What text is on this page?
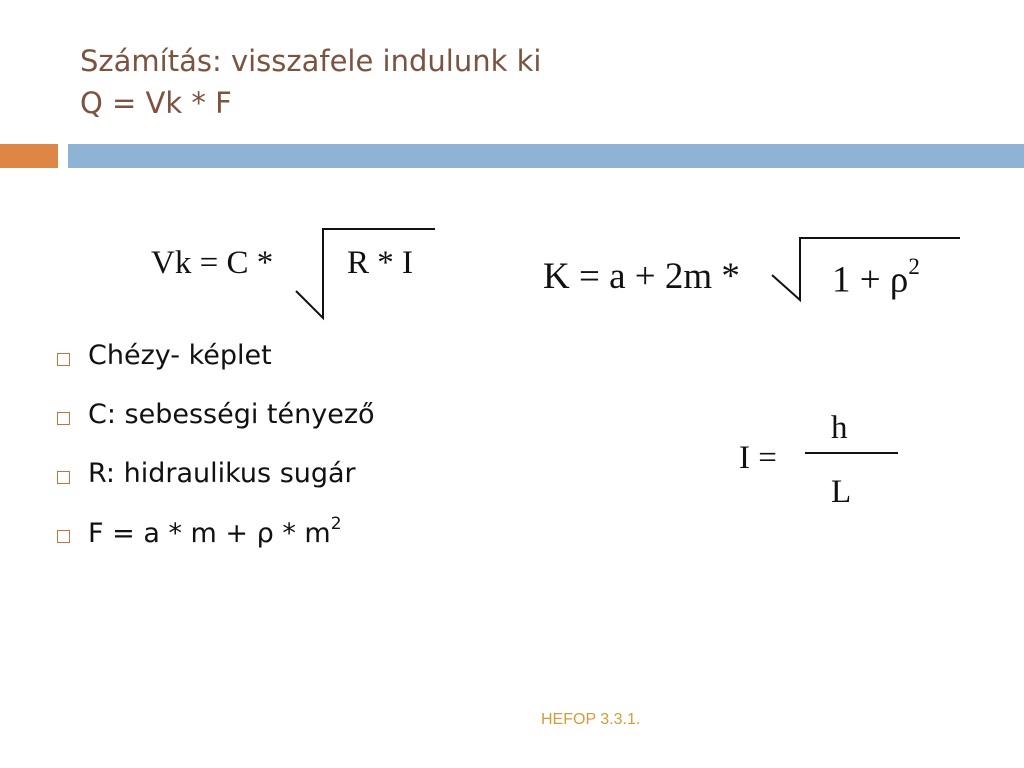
Számítás: visszafele indulunk ki
Q = Vk * F
Vk = C * R * I	$K = a + 2m * 1 + \rho^2$
h
I =
L
Chézy- képlet
C: sebességi tényező
R: hidraulikus sugár
$F = a * m + \rho * m^2$
HEFOP 3.3.1.
